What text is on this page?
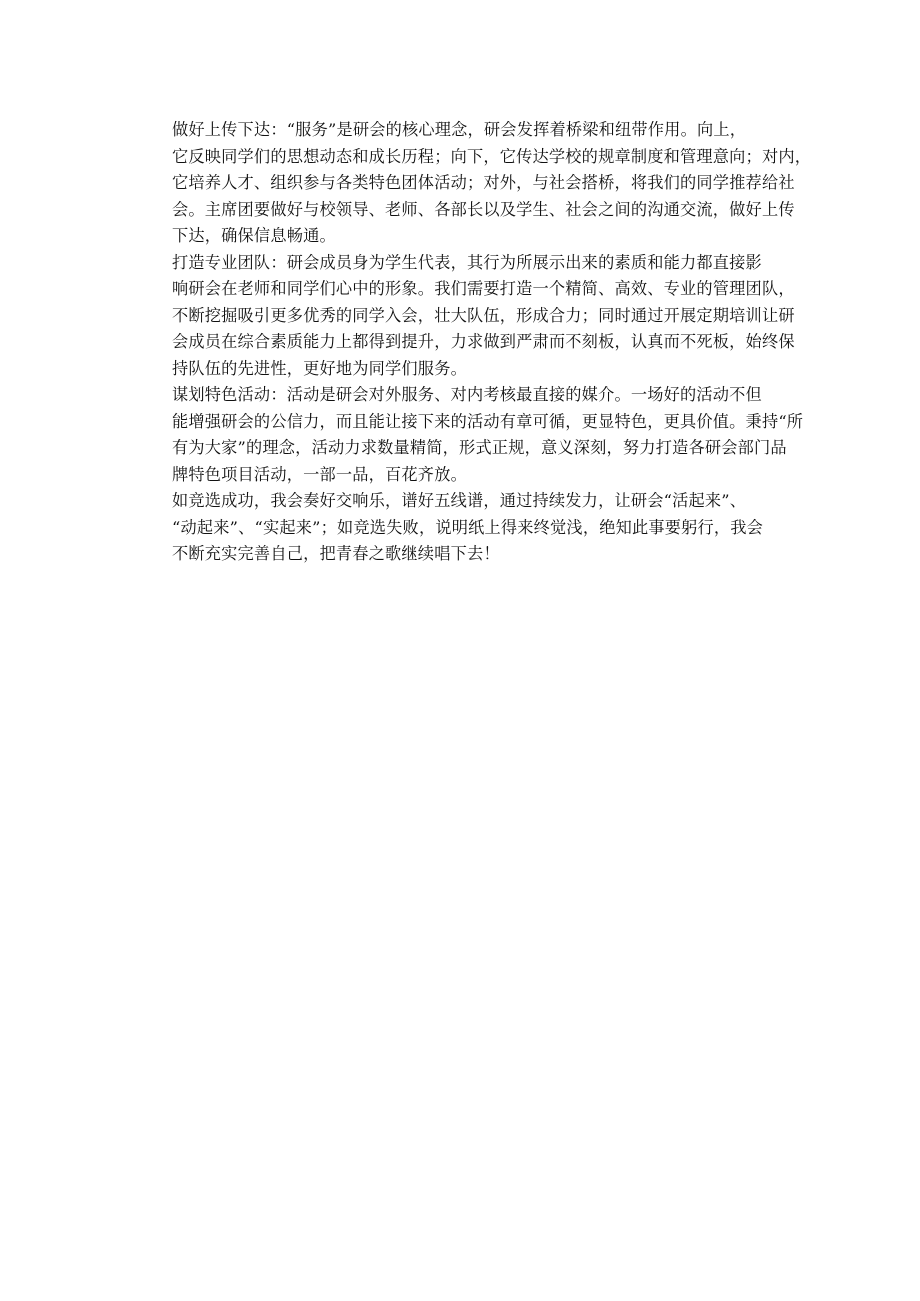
做好上传下达：“服务”是研会的核心理念，研会发挥着桥梁和纽带作用。向上，
它反映同学们的思想动态和成长历程；向下，它传达学校的规章制度和管理意向；对内，
它培养人才、组织参与各类特色团体活动；对外，与社会搭桥，将我们的同学推荐给社
会。主席团要做好与校领导、老师、各部长以及学生、社会之间的沟通交流，做好上传
下达，确保信息畅通。

打造专业团队：研会成员身为学生代表，其行为所展示出来的素质和能力都直接影
响研会在老师和同学们心中的形象。我们需要打造一个精简、高效、专业的管理团队，
不断挖掘吸引更多优秀的同学入会，壮大队伍，形成合力；同时通过开展定期培训让研
会成员在综合素质能力上都得到提升，力求做到严肃而不刻板，认真而不死板，始终保
持队伍的先进性，更好地为同学们服务。

谋划特色活动：活动是研会对外服务、对内考核最直接的媒介。一场好的活动不但
能增强研会的公信力，而且能让接下来的活动有章可循，更显特色，更具价值。秉持“所
有为大家”的理念，活动力求数量精简，形式正规，意义深刻，努力打造各研会部门品
牌特色项目活动，一部一品，百花齐放。

如竞选成功，我会奏好交响乐，谱好五线谱，通过持续发力，让研会“活起来”、
“动起来”、“实起来”；如竞选失败，说明纸上得来终觉浅，绝知此事要躬行，我会
不断充实完善自己，把青春之歌继续唱下去！
